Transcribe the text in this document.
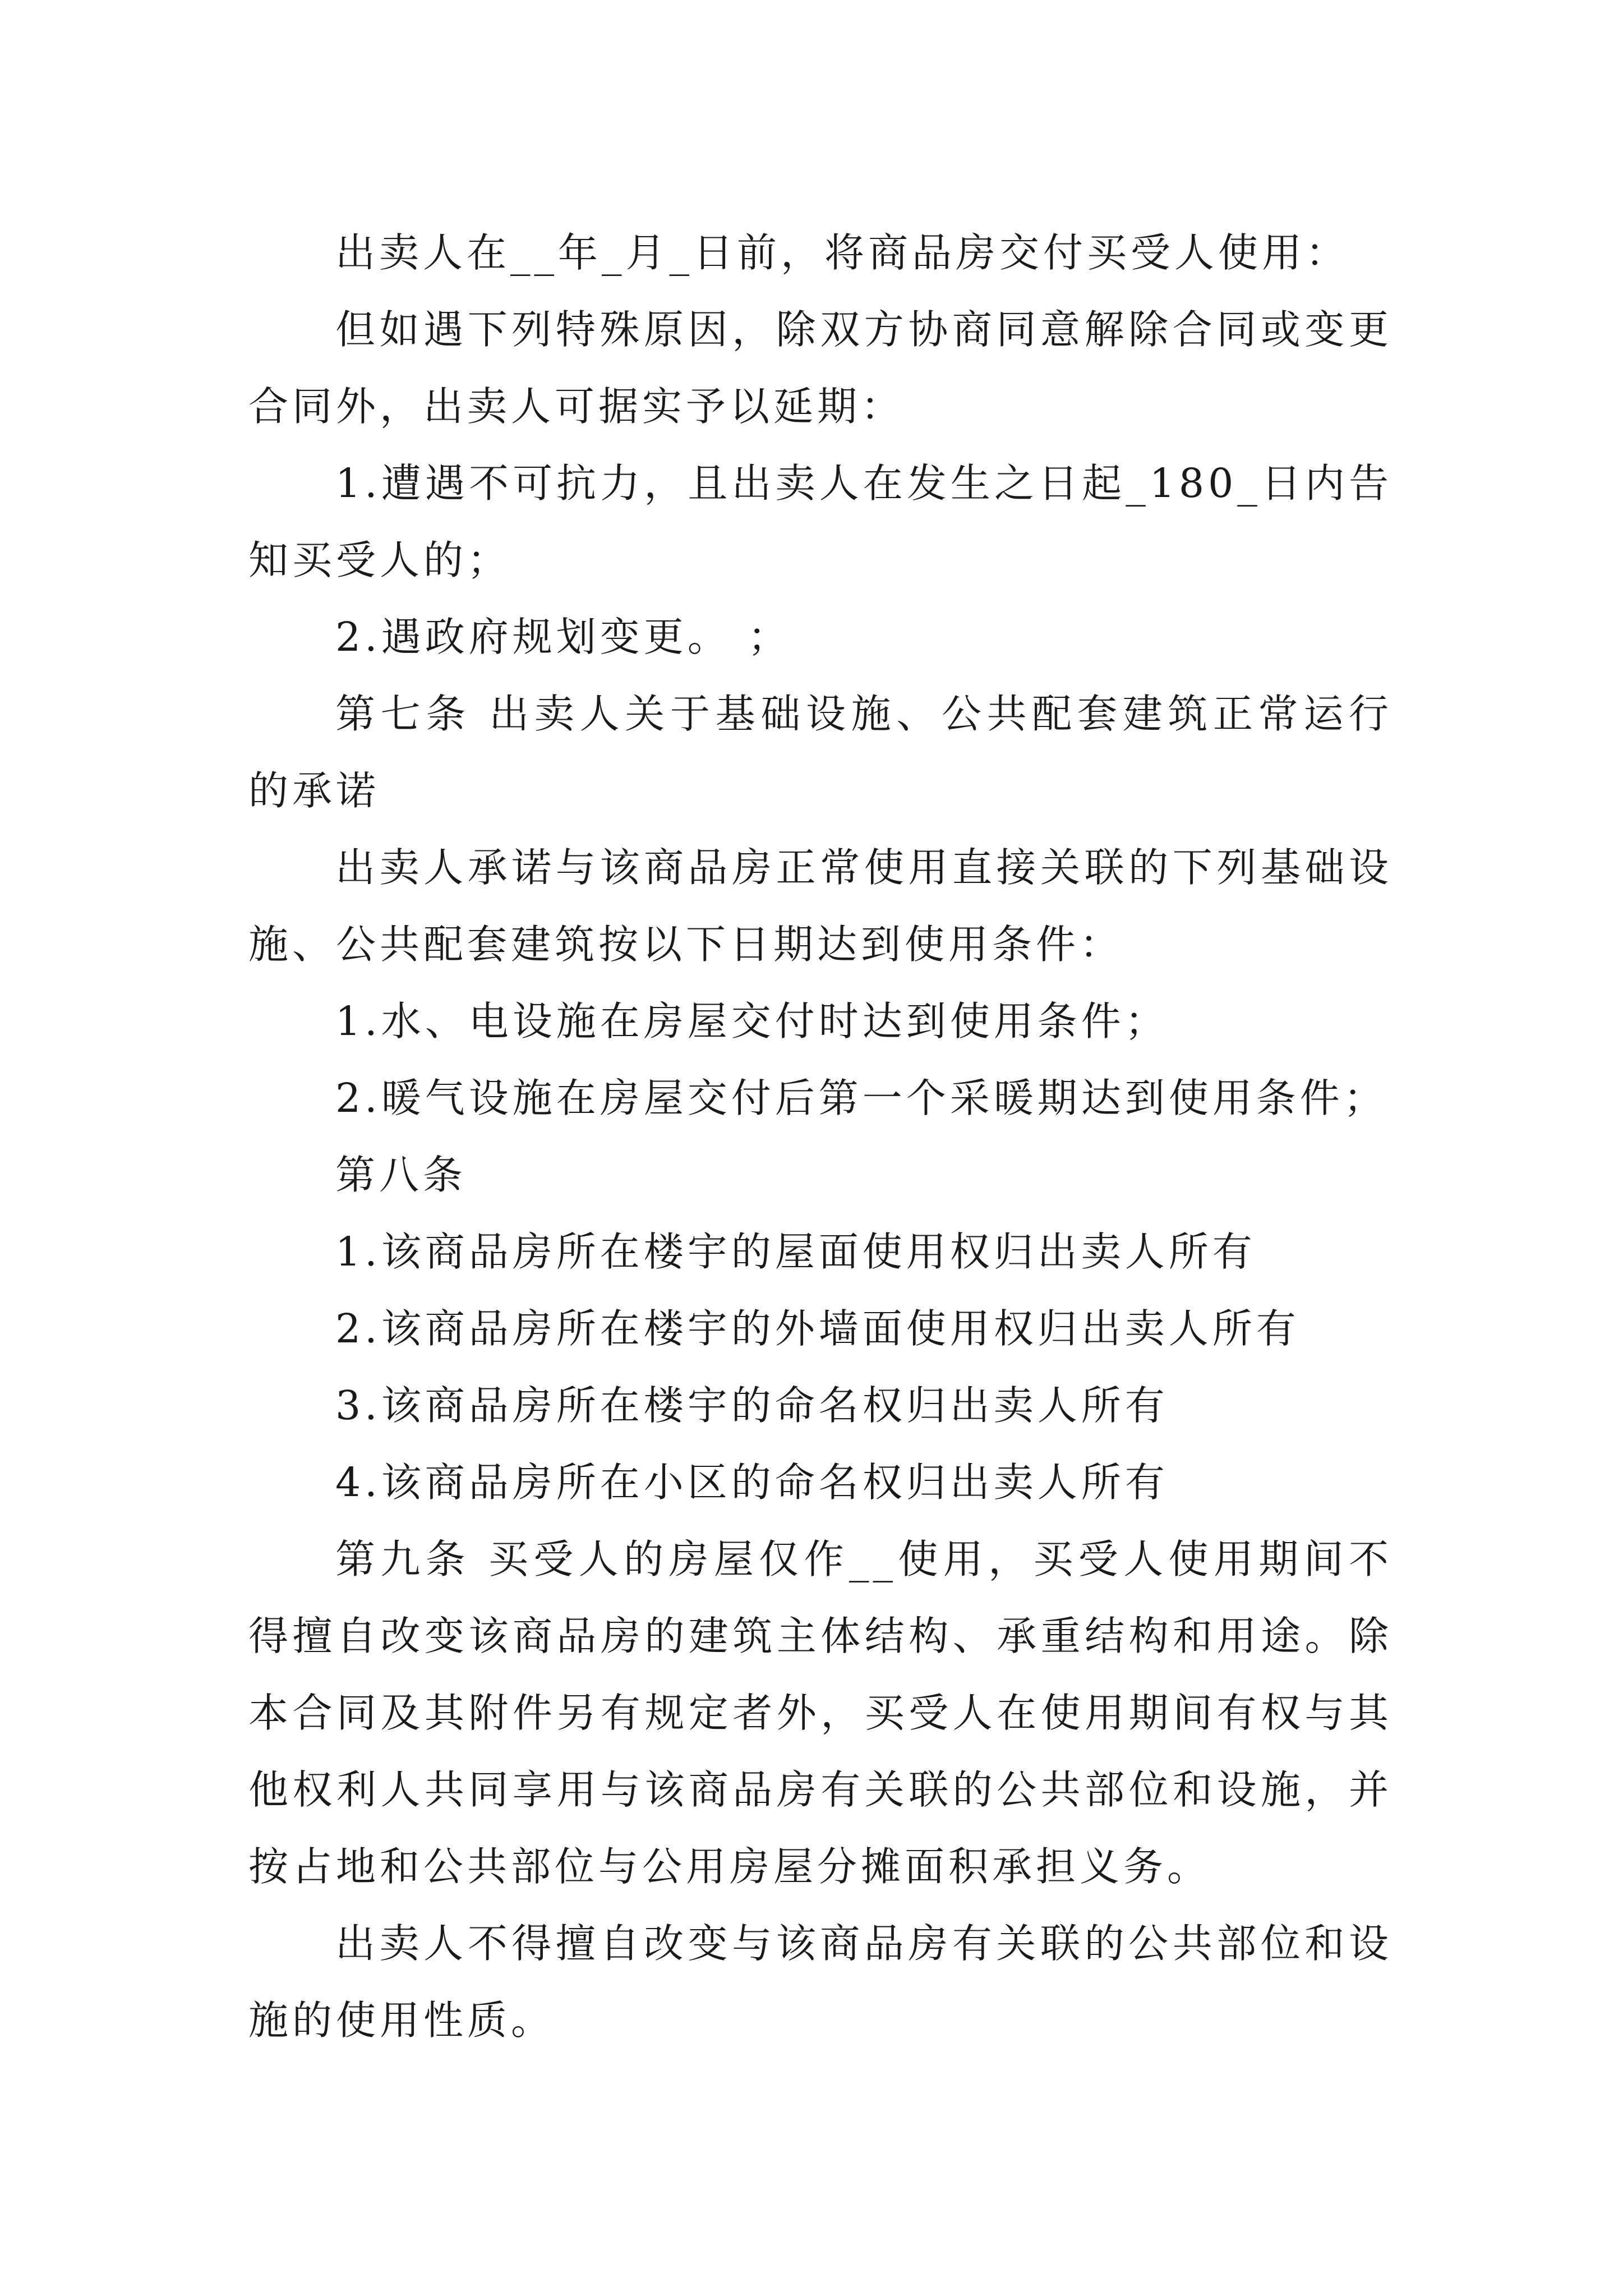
出卖人在__年_月_日前，将商品房交付买受人使用：

但如遇下列特殊原因，除双方协商同意解除合同或变更合同外，出卖人可据实予以延期：

1.遭遇不可抗力，且出卖人在发生之日起_180_日内告知买受人的；

2.遇政府规划变更。 ；

第七条 出卖人关于基础设施、公共配套建筑正常运行的承诺

出卖人承诺与该商品房正常使用直接关联的下列基础设施、公共配套建筑按以下日期达到使用条件：

1.水、电设施在房屋交付时达到使用条件；

2.暖气设施在房屋交付后第一个采暖期达到使用条件；

第八条

1.该商品房所在楼宇的屋面使用权归出卖人所有

2.该商品房所在楼宇的外墙面使用权归出卖人所有

3.该商品房所在楼宇的命名权归出卖人所有

4.该商品房所在小区的命名权归出卖人所有

第九条 买受人的房屋仅作__使用，买受人使用期间不得擅自改变该商品房的建筑主体结构、承重结构和用途。除本合同及其附件另有规定者外，买受人在使用期间有权与其他权利人共同享用与该商品房有关联的公共部位和设施，并按占地和公共部位与公用房屋分摊面积承担义务。

出卖人不得擅自改变与该商品房有关联的公共部位和设施的使用性质。
